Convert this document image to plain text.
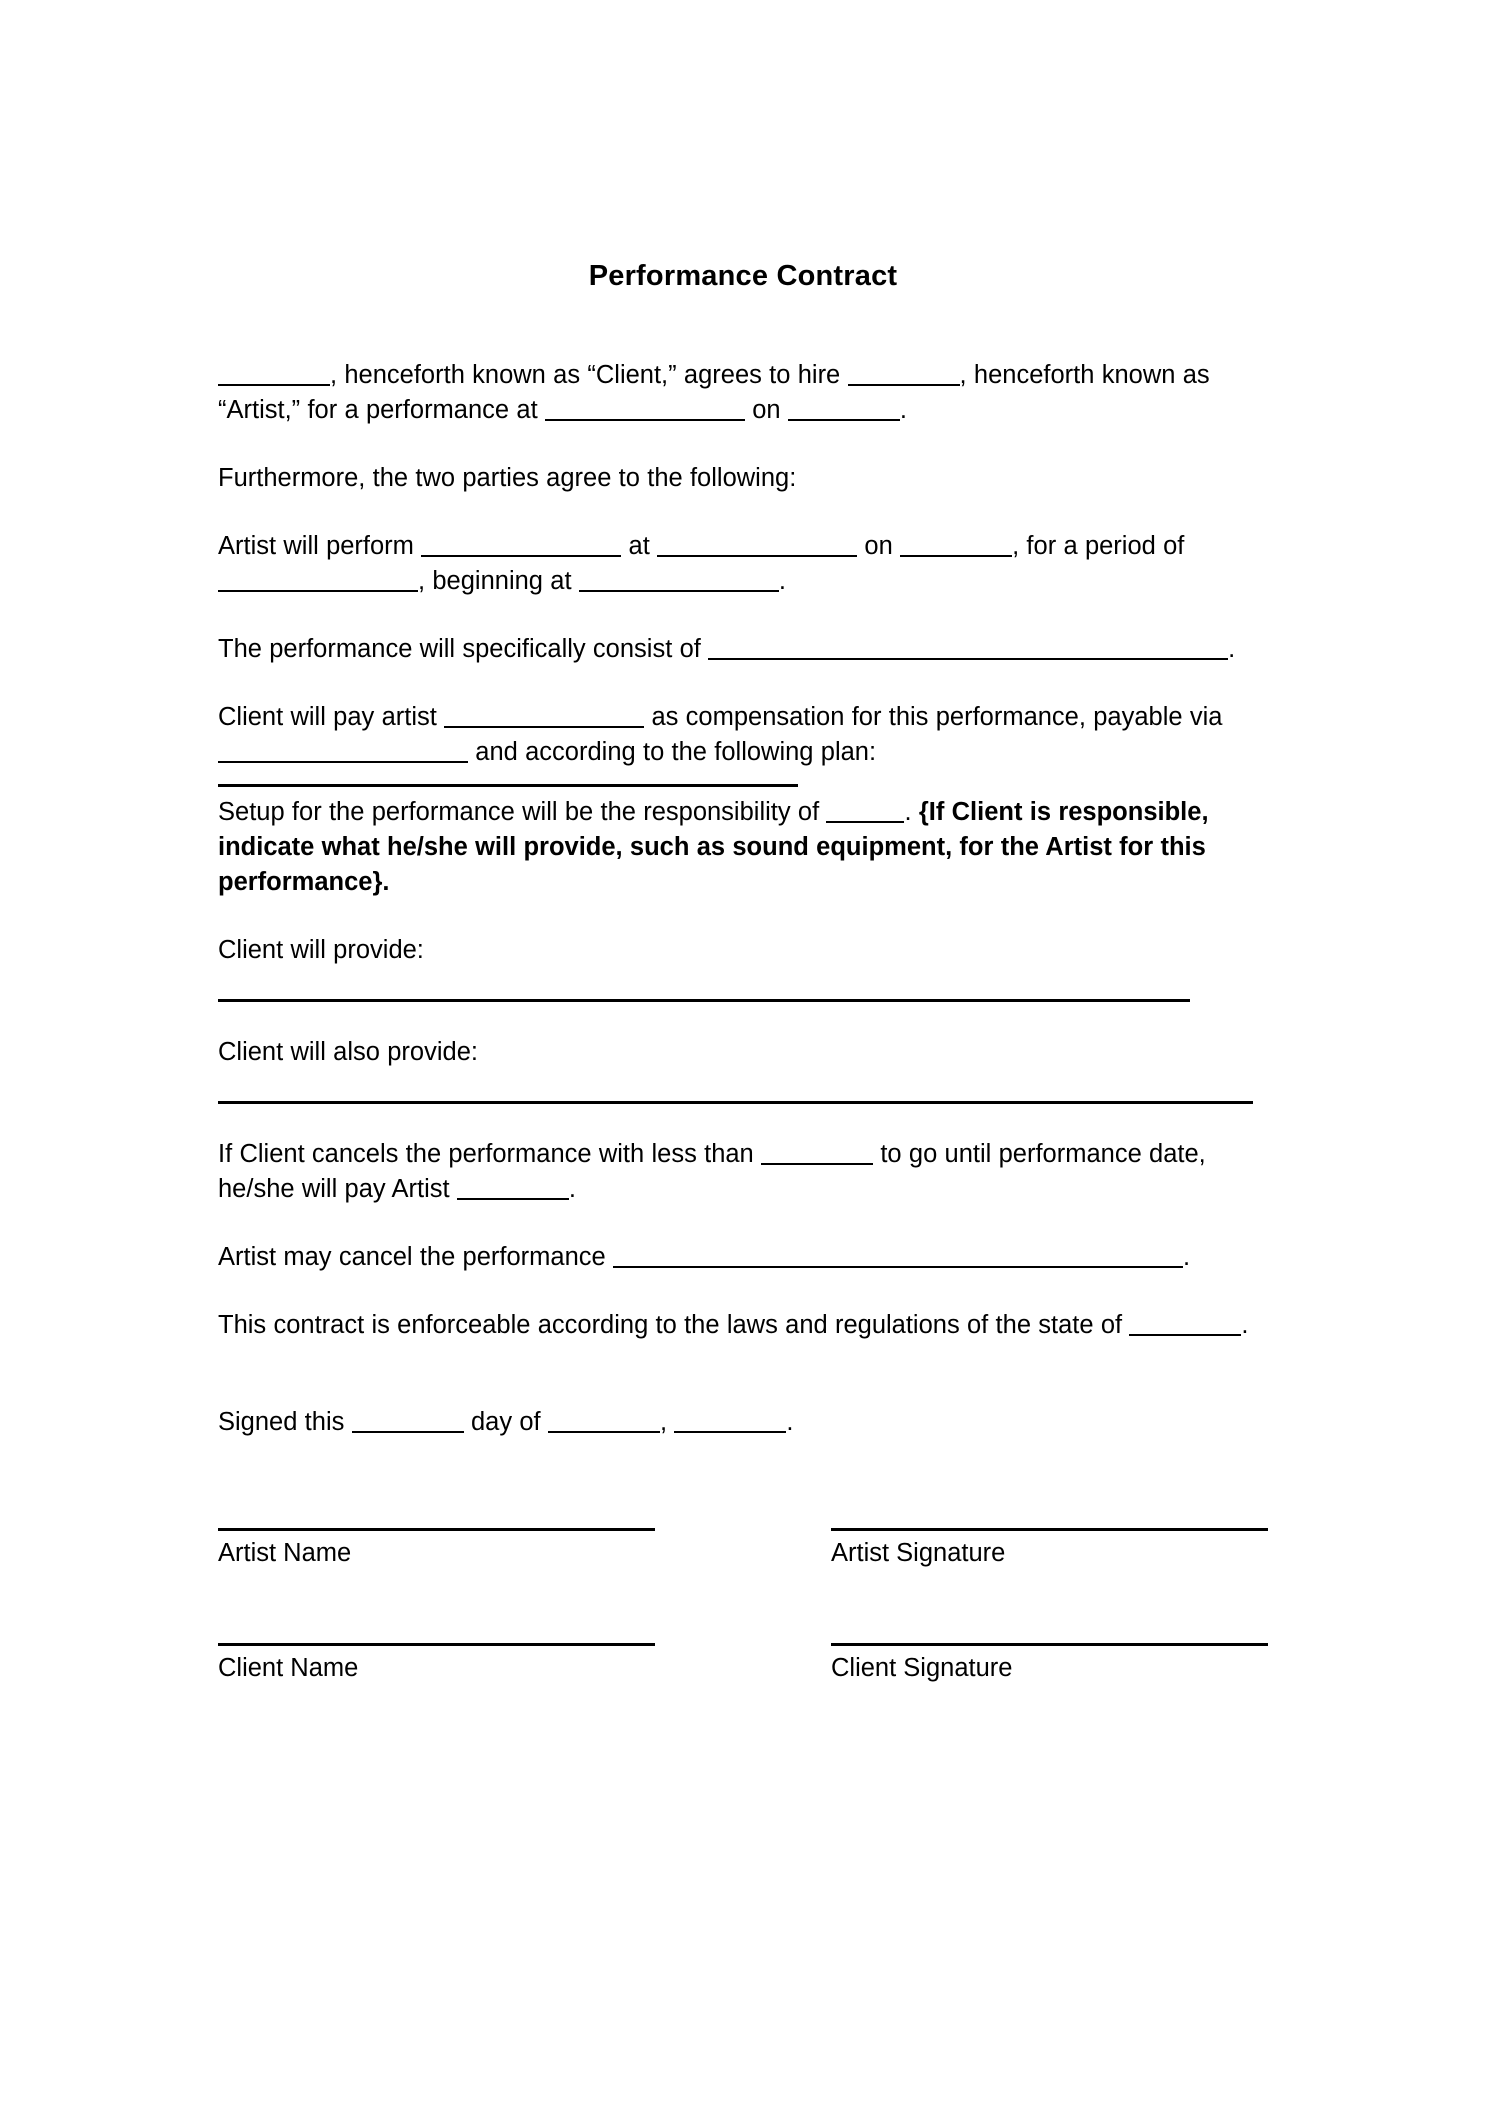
Performance Contract

, henceforth known as “Client,” agrees to hire	, henceforth known as “Artist,” for a performance at	on	.

Furthermore, the two parties agree to the following:

Artist will perform	at	on	, for a period of , beginning at	.

The performance will specifically consist of	.

Client will pay artist	as compensation for this performance, payable via  and according to the following plan:

Setup for the performance will be the responsibility of	. {If Client is responsible, indicate what he/she will provide, such as sound equipment, for the Artist for this performance}.

Client will provide:

Client will also provide:

If Client cancels the performance with less than	to go until performance date, he/she will pay Artist	.

Artist may cancel the performance	.

This contract is enforceable according to the laws and regulations of the state of	.

Signed this	day of	,	.

Artist Name	Artist Signature
Client Name	Client Signature
